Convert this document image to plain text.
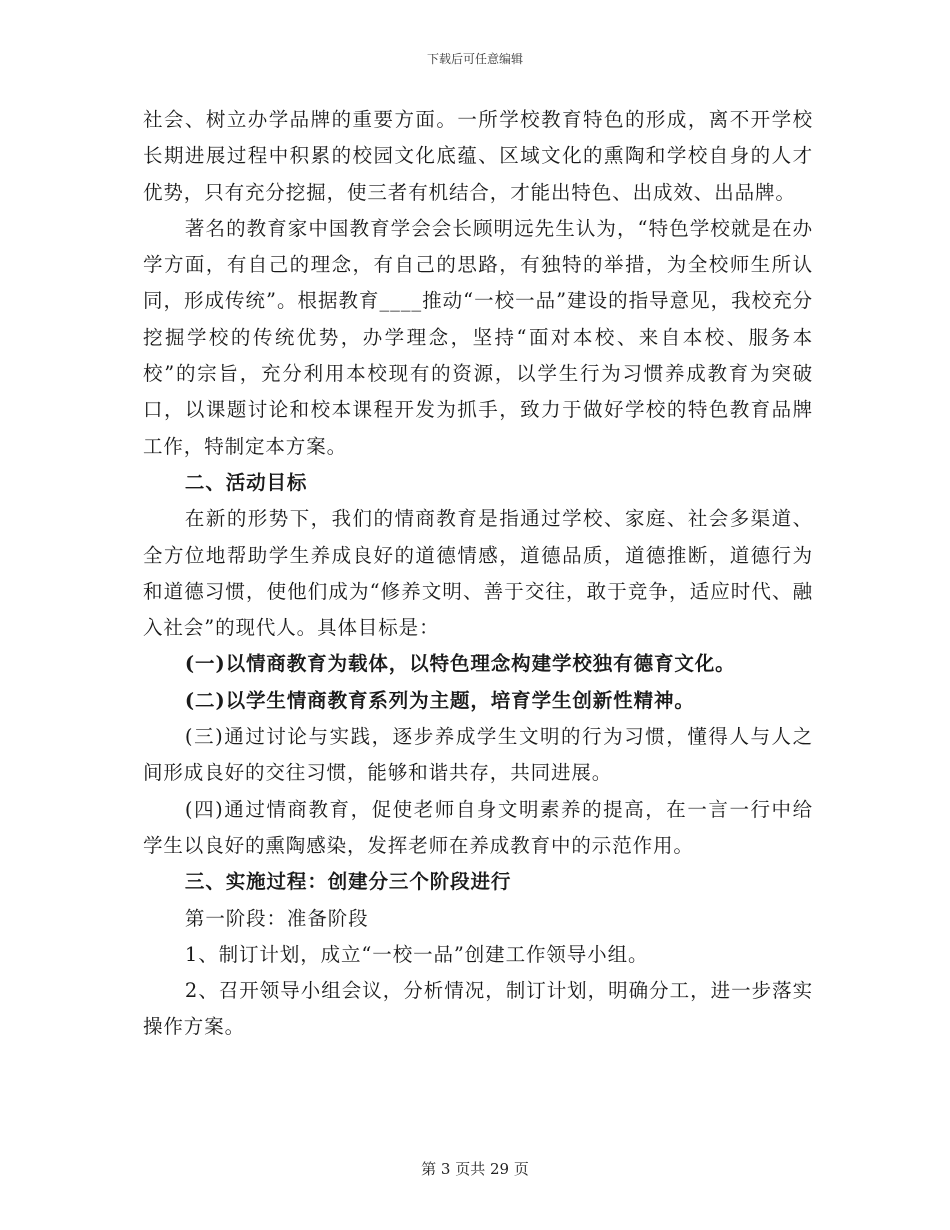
下载后可任意编辑

社会、树立办学品牌的重要方面。一所学校教育特色的形成，离不开学校长期进展过程中积累的校园文化底蕴、区域文化的熏陶和学校自身的人才优势，只有充分挖掘，使三者有机结合，才能出特色、出成效、出品牌。

著名的教育家中国教育学会会长顾明远先生认为，“特色学校就是在办学方面，有自己的理念，有自己的思路，有独特的举措，为全校师生所认同，形成传统”。根据教育____推动“一校一品”建设的指导意见，我校充分挖掘学校的传统优势，办学理念，坚持“面对本校、来自本校、服务本校”的宗旨，充分利用本校现有的资源，以学生行为习惯养成教育为突破口，以课题讨论和校本课程开发为抓手，致力于做好学校的特色教育品牌工作，特制定本方案。

二、活动目标

在新的形势下，我们的情商教育是指通过学校、家庭、社会多渠道、全方位地帮助学生养成良好的道德情感，道德品质，道德推断，道德行为和道德习惯，使他们成为“修养文明、善于交往，敢于竞争，适应时代、融入社会”的现代人。具体目标是：

(一)以情商教育为载体，以特色理念构建学校独有德育文化。

(二)以学生情商教育系列为主题，培育学生创新性精神。

(三)通过讨论与实践，逐步养成学生文明的行为习惯，懂得人与人之间形成良好的交往习惯，能够和谐共存，共同进展。

(四)通过情商教育，促使老师自身文明素养的提高，在一言一行中给学生以良好的熏陶感染，发挥老师在养成教育中的示范作用。

三、实施过程：创建分三个阶段进行

第一阶段：准备阶段

1、制订计划，成立“一校一品”创建工作领导小组。

2、召开领导小组会议，分析情况，制订计划，明确分工，进一步落实操作方案。

第 3 页共 29 页
